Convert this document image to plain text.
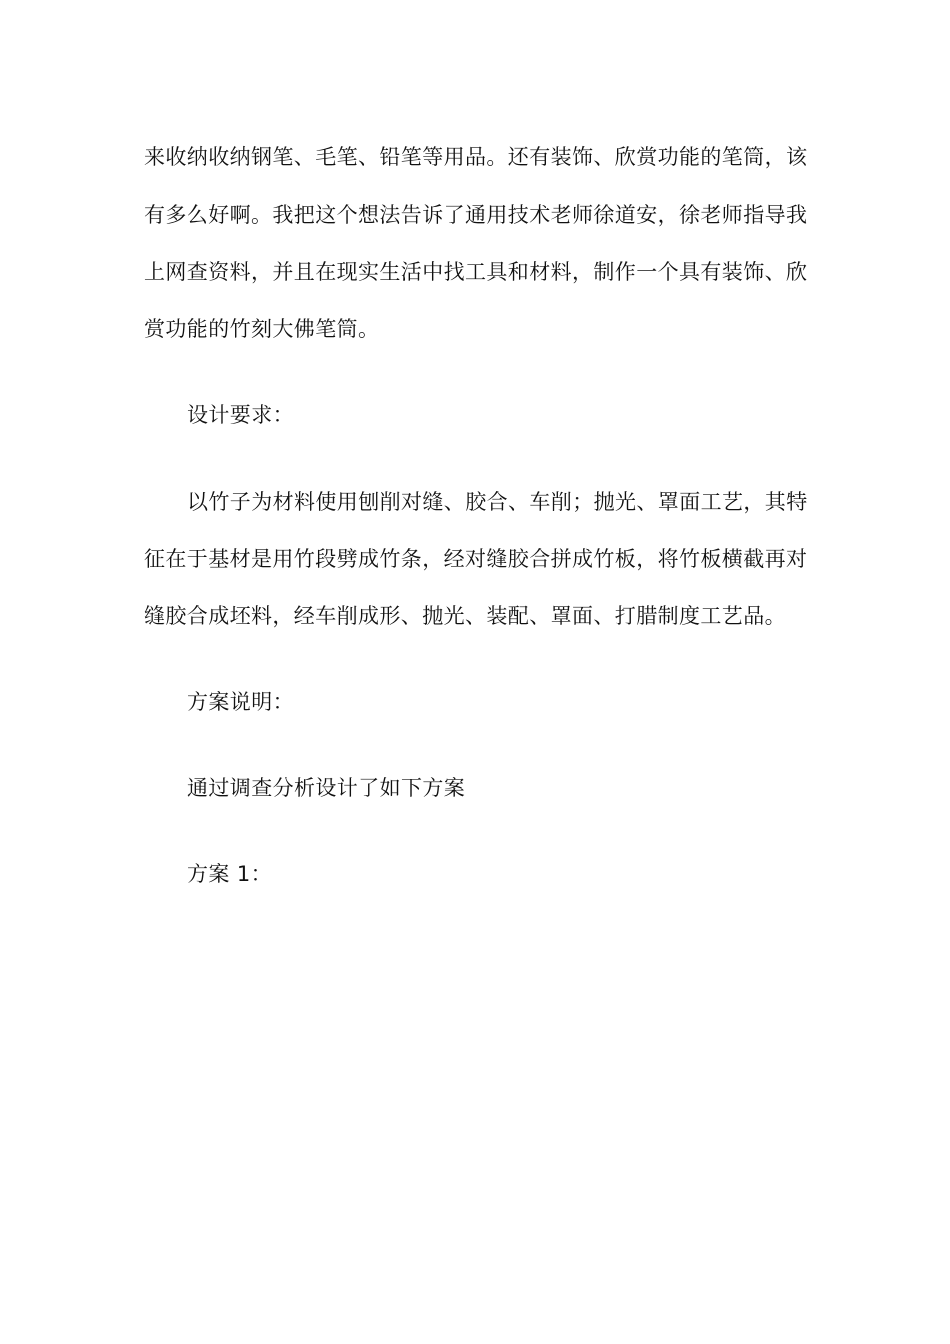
来收纳收纳钢笔、毛笔、铅笔等用品。还有装饰、欣赏功能的笔筒，该
有多么好啊。我把这个想法告诉了通用技术老师徐道安，徐老师指导我
上网查资料，并且在现实生活中找工具和材料，制作一个具有装饰、欣
赏功能的竹刻大佛笔筒。
设计要求：
以竹子为材料使用刨削对缝、胶合、车削；抛光、罩面工艺，其特
征在于基材是用竹段劈成竹条，经对缝胶合拼成竹板，将竹板横截再对
缝胶合成坯料，经车削成形、抛光、装配、罩面、打腊制度工艺品。
方案说明：
通过调查分析设计了如下方案
方案 1：
